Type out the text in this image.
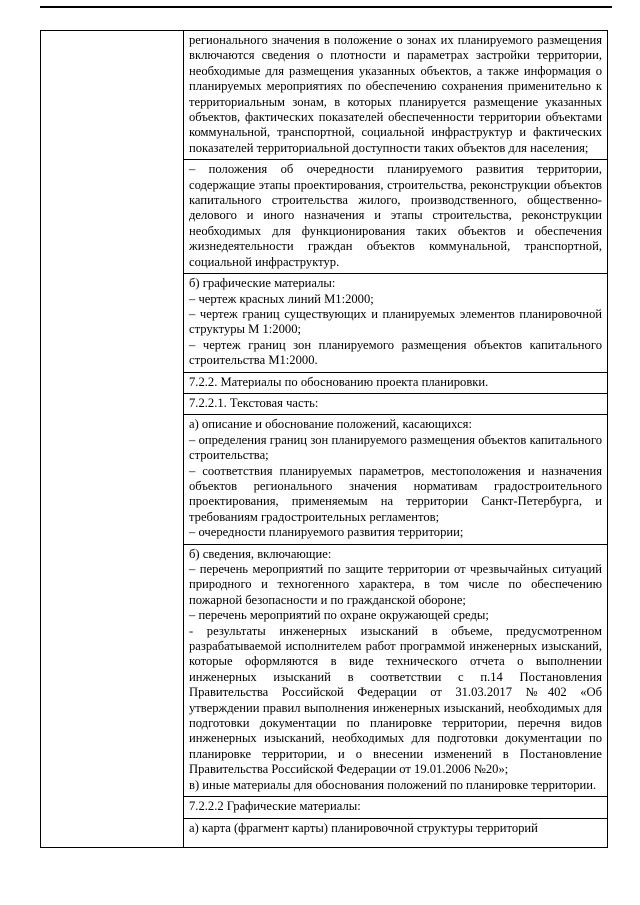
регионального значения в положение о зонах их планируемого размещения включаются сведения о плотности и параметрах застройки территории, необходимые для размещения указанных объектов, а также информация о планируемых мероприятиях по обеспечению сохранения применительно к территориальным зонам, в которых планируется размещение указанных объектов, фактических показателей обеспеченности территории объектами коммунальной, транспортной, социальной инфраструктур и фактических показателей территориальной доступности таких объектов для населения;

– положения об очередности планируемого развития территории, содержащие этапы проектирования, строительства, реконструкции объектов капитального строительства жилого, производственного, общественно-делового и иного назначения и этапы строительства, реконструкции необходимых для функционирования таких объектов и обеспечения жизнедеятельности граждан объектов коммунальной, транспортной, социальной инфраструктур.

б) графические материалы:

– чертеж красных линий М1:2000;

– чертеж границ существующих и планируемых элементов планировочной структуры М 1:2000;

– чертеж границ зон планируемого размещения объектов капитального строительства М1:2000.

7.2.2. Материалы по обоснованию проекта планировки.

7.2.2.1. Текстовая часть:

а) описание и обоснование положений, касающихся:

– определения границ зон планируемого размещения объектов капитального строительства;

– соответствия планируемых параметров, местоположения и назначения объектов регионального значения нормативам градостроительного проектирования, применяемым на территории Санкт-Петербурга, и требованиям градостроительных регламентов;

– очередности планируемого развития территории;

б) сведения, включающие:

– перечень мероприятий по защите территории от чрезвычайных ситуаций природного и техногенного характера, в том числе по обеспечению пожарной безопасности и по гражданской обороне;

– перечень мероприятий по охране окружающей среды;

- результаты инженерных изысканий в объеме, предусмотренном разрабатываемой исполнителем работ программой инженерных изысканий, которые оформляются в виде технического отчета о выполнении инженерных изысканий в соответствии с п.14 Постановления Правительства Российской Федерации от 31.03.2017 №402 «Об утверждении правил выполнения инженерных изысканий, необходимых для подготовки документации по планировке территории, перечня видов инженерных изысканий, необходимых для подготовки документации по планировке территории, и о внесении изменений в Постановление Правительства Российской Федерации от 19.01.2006 №20»;

в) иные материалы для обоснования положений по планировке территории.

7.2.2.2 Графические материалы:

а) карта (фрагмент карты) планировочной структуры территорий
